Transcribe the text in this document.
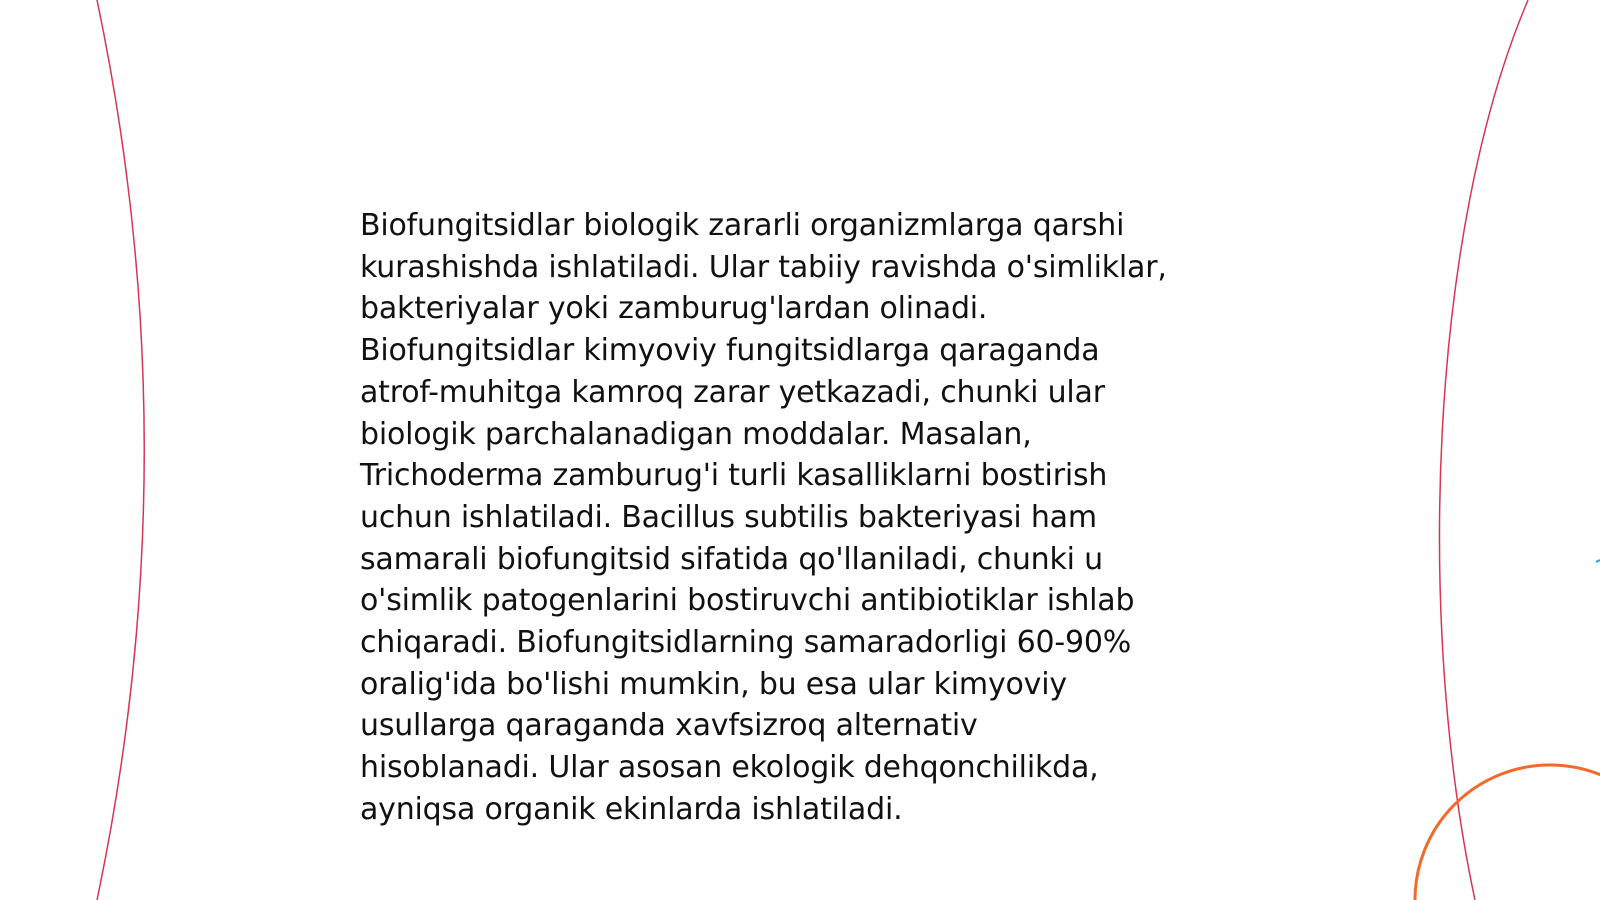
Biofungitsidlar biologik zararli organizmlarga qarshi
kurashishda ishlatiladi. Ular tabiiy ravishda o'simliklar,
bakteriyalar yoki zamburug'lardan olinadi.
Biofungitsidlar kimyoviy fungitsidlarga qaraganda
atrof-muhitga kamroq zarar yetkazadi, chunki ular
biologik parchalanadigan moddalar. Masalan,
Trichoderma zamburug'i turli kasalliklarni bostirish
uchun ishlatiladi. Bacillus subtilis bakteriyasi ham
samarali biofungitsid sifatida qo'llaniladi, chunki u
o'simlik patogenlarini bostiruvchi antibiotiklar ishlab
chiqaradi. Biofungitsidlarning samaradorligi 60-90%
oralig'ida bo'lishi mumkin, bu esa ular kimyoviy
usullarga qaraganda xavfsizroq alternativ
hisoblanadi. Ular asosan ekologik dehqonchilikda,
ayniqsa organik ekinlarda ishlatiladi.
